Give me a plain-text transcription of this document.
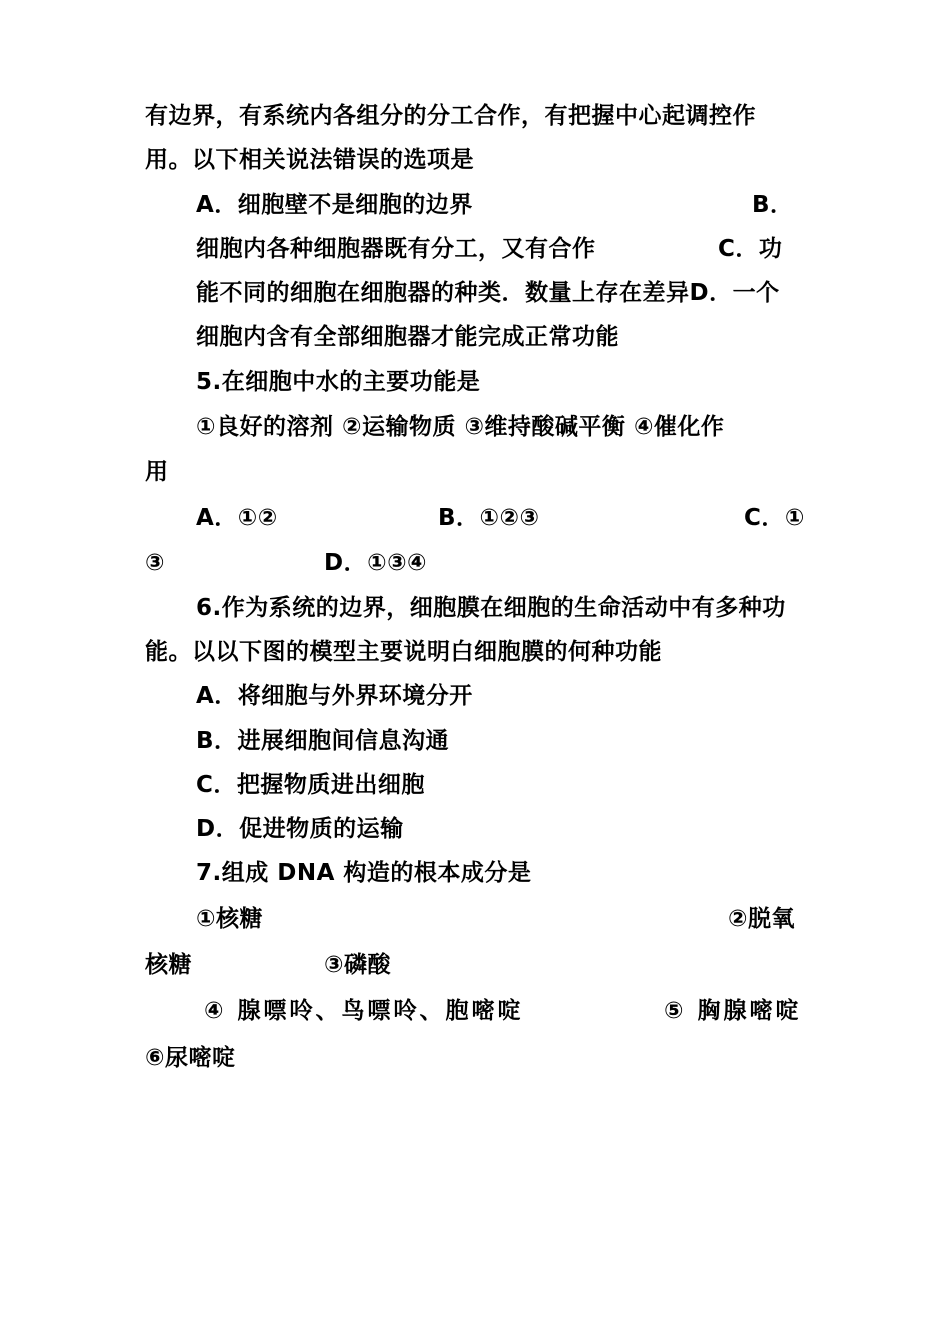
有边界，有系统内各组分的分工合作，有把握中心起调控作
用。以下相关说法错误的选项是
A．细胞壁不是细胞的边界	B．
细胞内各种细胞器既有分工，又有合作	C．功
能不同的细胞在细胞器的种类．数量上存在差异D．一个
细胞内含有全部细胞器才能完成正常功能
5.在细胞中水的主要功能是
①良好的溶剂 ②运输物质 ③维持酸碱平衡 ④催化作
用
A．①②	B．①②③	C．①
③	D．①③④
6.作为系统的边界，细胞膜在细胞的生命活动中有多种功
能。以以下图的模型主要说明白细胞膜的何种功能
A．将细胞与外界环境分开
B．进展细胞间信息沟通
C．把握物质进出细胞
D．促进物质的运输
7.组成 DNA 构造的根本成分是
①核糖	②脱氧
核糖	③磷酸
④ 腺嘌呤、鸟嘌呤、胞嘧啶	⑤ 胸腺嘧啶
⑥尿嘧啶
